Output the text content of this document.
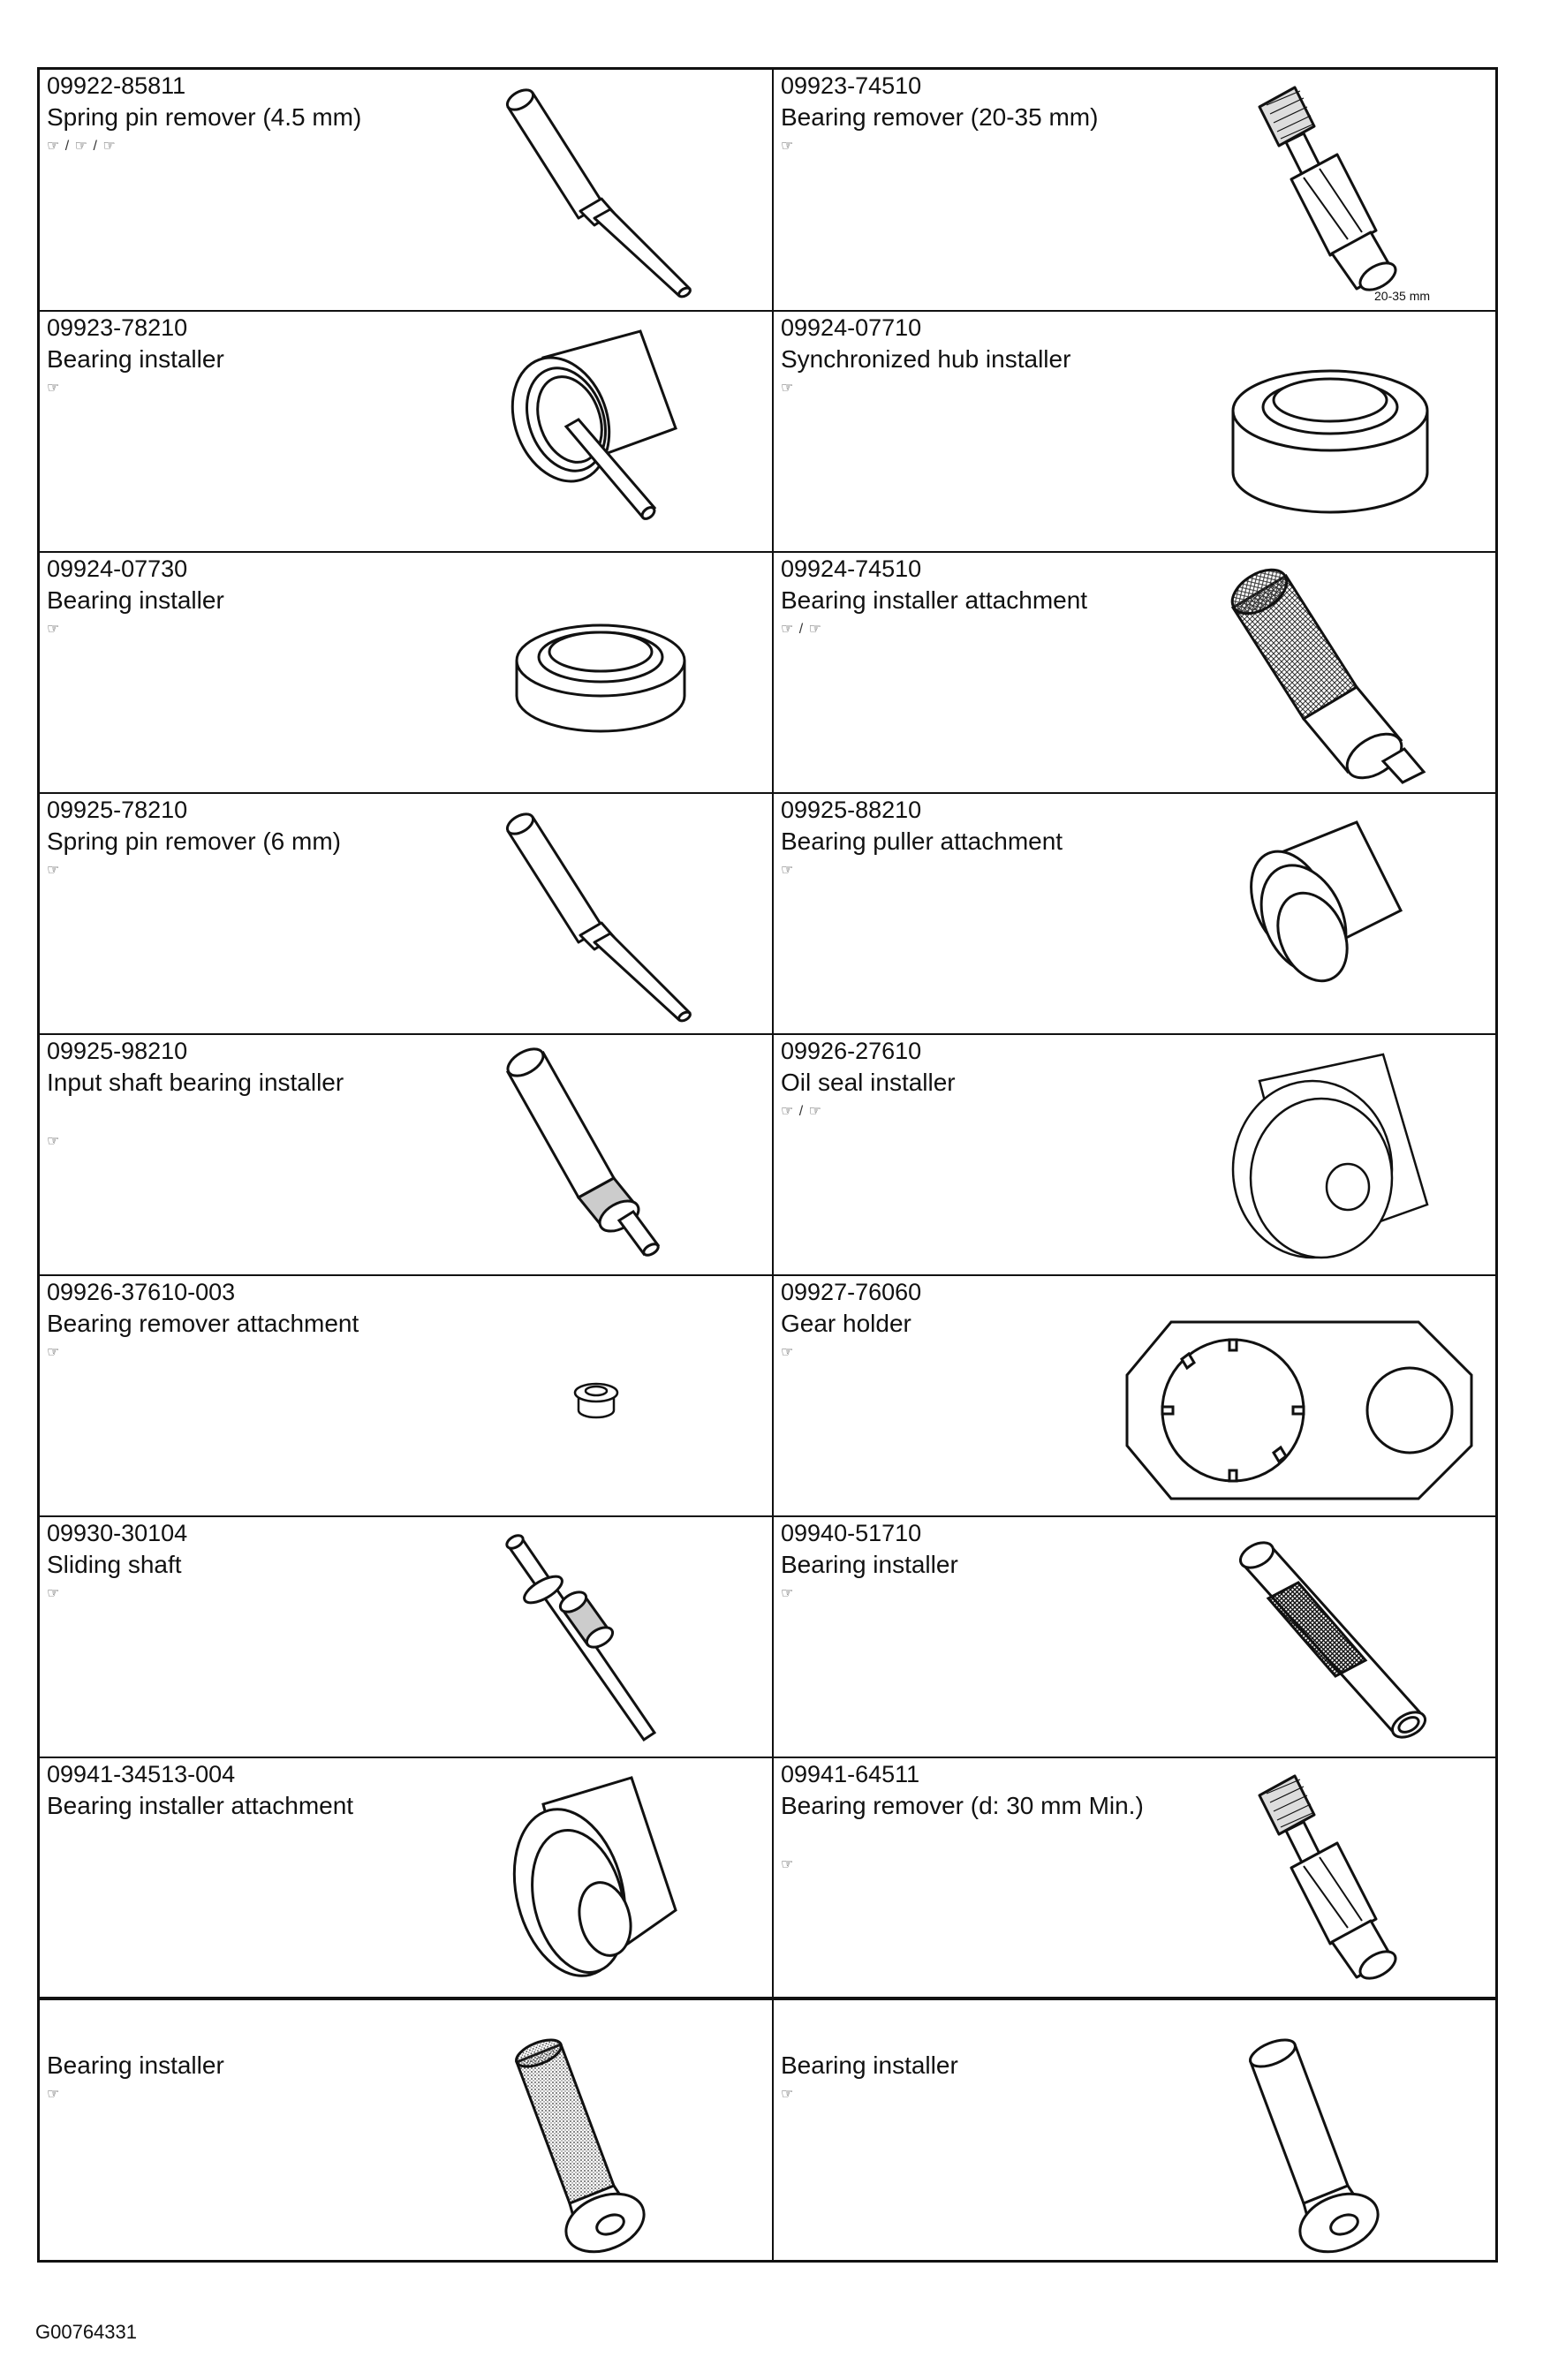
09922-85811
Spring pin remover (4.5 mm)
☞ / ☞ / ☞
09923-74510
Bearing remover (20-35 mm)
☞
20-35 mm
09923-78210
Bearing installer
☞
09924-07710
Synchronized hub installer
☞
09924-07730
Bearing installer
☞
09924-74510
Bearing installer attachment
☞ / ☞
09925-78210
Spring pin remover (6 mm)
☞
09925-88210
Bearing puller attachment
☞
09925-98210
Input shaft bearing installer
☞
09926-27610
Oil seal installer
☞ / ☞
09926-37610-003
Bearing remover attachment
☞
09927-76060
Gear holder
☞
09930-30104
Sliding shaft
☞
09940-51710
Bearing installer
☞
09941-34513-004
Bearing installer attachment
09941-64511
Bearing remover (d: 30 mm Min.)
☞
Bearing installer
☞
Bearing installer
☞
G00764331
